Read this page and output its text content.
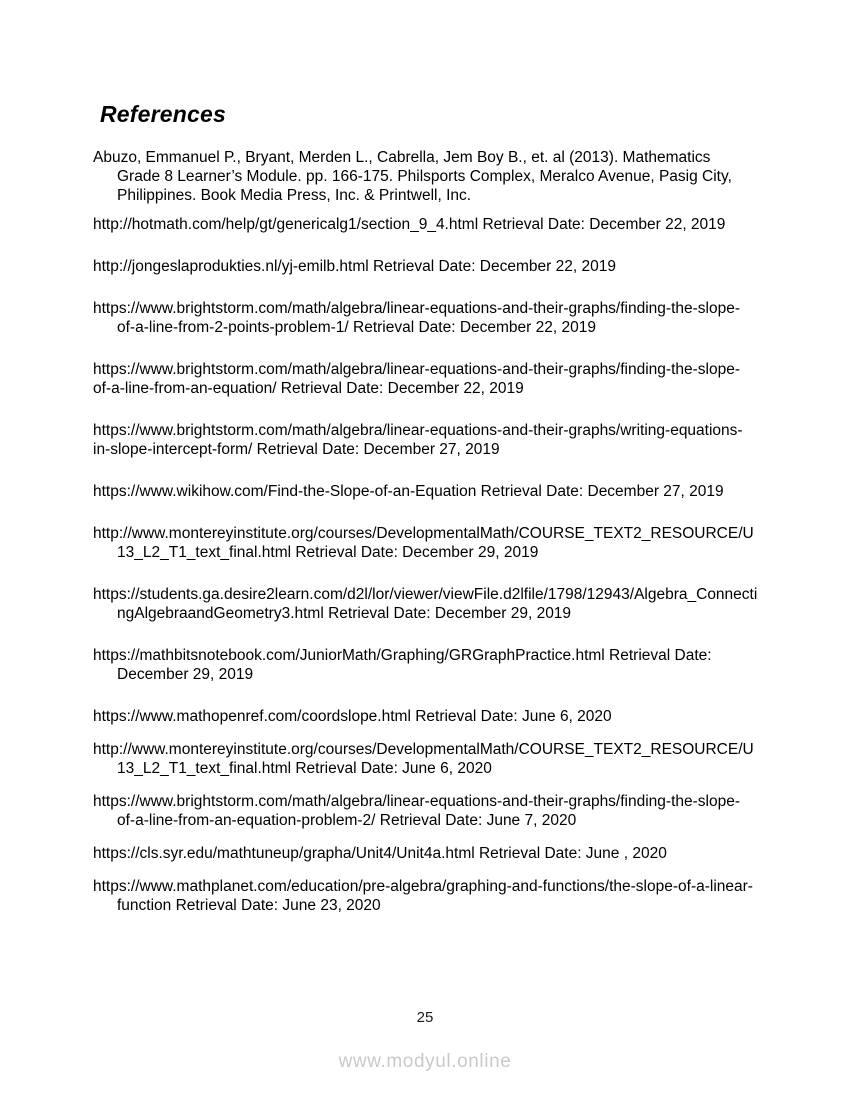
References

Abuzo, Emmanuel P., Bryant, Merden L., Cabrella, Jem Boy B., et. al (2013). Mathematics
Grade 8 Learner’s Module. pp. 166-175. Philsports Complex, Meralco Avenue, Pasig City,
Philippines. Book Media Press, Inc. & Printwell, Inc.

http://hotmath.com/help/gt/genericalg1/section_9_4.html Retrieval Date: December 22, 2019

http://jongeslaprodukties.nl/yj-emilb.html Retrieval Date: December 22, 2019

https://www.brightstorm.com/math/algebra/linear-equations-and-their-graphs/finding-the-slope-
of-a-line-from-2-points-problem-1/ Retrieval Date: December 22, 2019

https://www.brightstorm.com/math/algebra/linear-equations-and-their-graphs/finding-the-slope-
of-a-line-from-an-equation/ Retrieval Date: December 22, 2019

https://www.brightstorm.com/math/algebra/linear-equations-and-their-graphs/writing-equations-
in-slope-intercept-form/ Retrieval Date: December 27, 2019

https://www.wikihow.com/Find-the-Slope-of-an-Equation Retrieval Date: December 27, 2019

http://www.montereyinstitute.org/courses/DevelopmentalMath/COURSE_TEXT2_RESOURCE/U
13_L2_T1_text_final.html Retrieval Date: December 29, 2019

https://students.ga.desire2learn.com/d2l/lor/viewer/viewFile.d2lfile/1798/12943/Algebra_Connecti
ngAlgebraandGeometry3.html Retrieval Date: December 29, 2019

https://mathbitsnotebook.com/JuniorMath/Graphing/GRGraphPractice.html Retrieval Date:
December 29, 2019

https://www.mathopenref.com/coordslope.html Retrieval Date: June 6, 2020

http://www.montereyinstitute.org/courses/DevelopmentalMath/COURSE_TEXT2_RESOURCE/U
13_L2_T1_text_final.html Retrieval Date: June 6, 2020

https://www.brightstorm.com/math/algebra/linear-equations-and-their-graphs/finding-the-slope-
of-a-line-from-an-equation-problem-2/ Retrieval Date: June 7, 2020

https://cls.syr.edu/mathtuneup/grapha/Unit4/Unit4a.html Retrieval Date: June , 2020

https://www.mathplanet.com/education/pre-algebra/graphing-and-functions/the-slope-of-a-linear-
function Retrieval Date: June 23, 2020

25
www.modyul.online
